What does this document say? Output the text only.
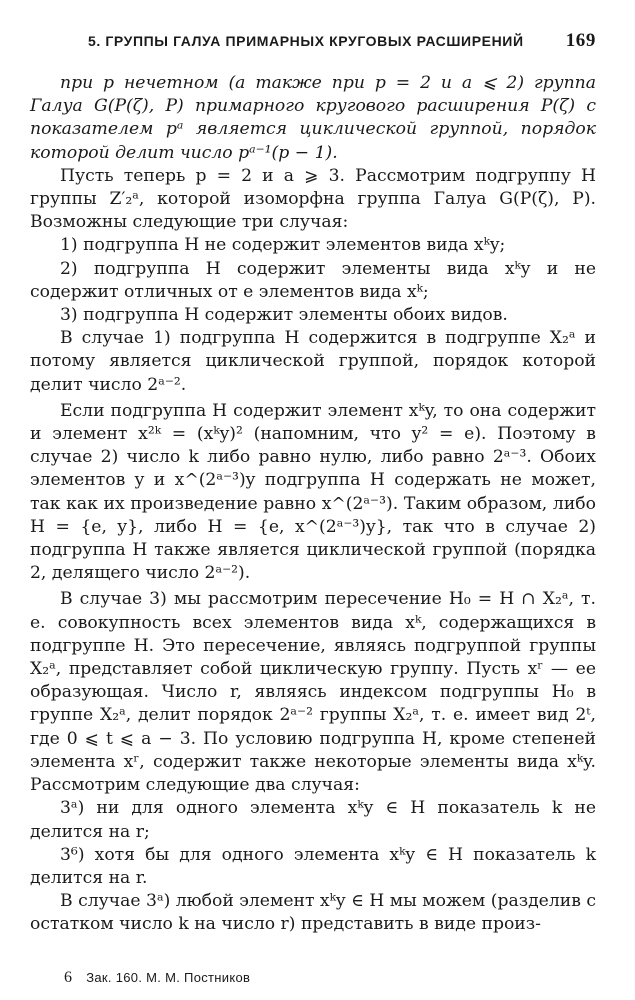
5. ГРУППЫ ГАЛУА ПРИМАРНЫХ КРУГОВЫХ РАСШИРЕНИЙ 169

при p нечетном (а также при p = 2 и a ⩽ 2) группа Галуа G(P(ζ), P) примарного кругового расширения P(ζ) с показателем pᵃ является циклической группой, порядок которой делит число pᵃ⁻¹(p − 1).

Пусть теперь p = 2 и a ⩾ 3. Рассмотрим подгруппу H группы Z′₂ᵃ, которой изоморфна группа Галуа G(P(ζ), P). Возможны следующие три случая:

1) подгруппа H не содержит элементов вида xᵏy;

2) подгруппа H содержит элементы вида xᵏy и не содержит отличных от e элементов вида xᵏ;

3) подгруппа H содержит элементы обоих видов.

В случае 1) подгруппа H содержится в подгруппе X₂ᵃ и потому является циклической группой, порядок которой делит число 2ᵃ⁻².

Если подгруппа H содержит элемент xᵏy, то она содержит и элемент x²ᵏ = (xᵏy)² (напомним, что y² = e). Поэтому в случае 2) число k либо равно нулю, либо равно 2ᵃ⁻³. Обоих элементов y и x^(2ᵃ⁻³)y подгруппа H содержать не может, так как их произведение равно x^(2ᵃ⁻³). Таким образом, либо H = {e, y}, либо H = {e, x^(2ᵃ⁻³)y}, так что в случае 2) подгруппа H также является циклической группой (порядка 2, делящего число 2ᵃ⁻²).

В случае 3) мы рассмотрим пересечение H₀ = H ∩ X₂ᵃ, т. е. совокупность всех элементов вида xᵏ, содержащихся в подгруппе H. Это пересечение, являясь подгруппой группы X₂ᵃ, представляет собой циклическую группу. Пусть xʳ — ее образующая. Число r, являясь индексом подгруппы H₀ в группе X₂ᵃ, делит порядок 2ᵃ⁻² группы X₂ᵃ, т. е. имеет вид 2ᵗ, где 0 ⩽ t ⩽ a − 3. По условию подгруппа H, кроме степеней элемента xʳ, содержит также некоторые элементы вида xᵏy. Рассмотрим следующие два случая:

3ᵃ) ни для одного элемента xᵏy ∈ H показатель k не делится на r;

3⁶) хотя бы для одного элемента xᵏy ∈ H показатель k делится на r.

В случае 3ᵃ) любой элемент xᵏy ∈ H мы можем (разделив с остатком число k на число r) представить в виде произ-

6 Зак. 160. М. М. Постников
